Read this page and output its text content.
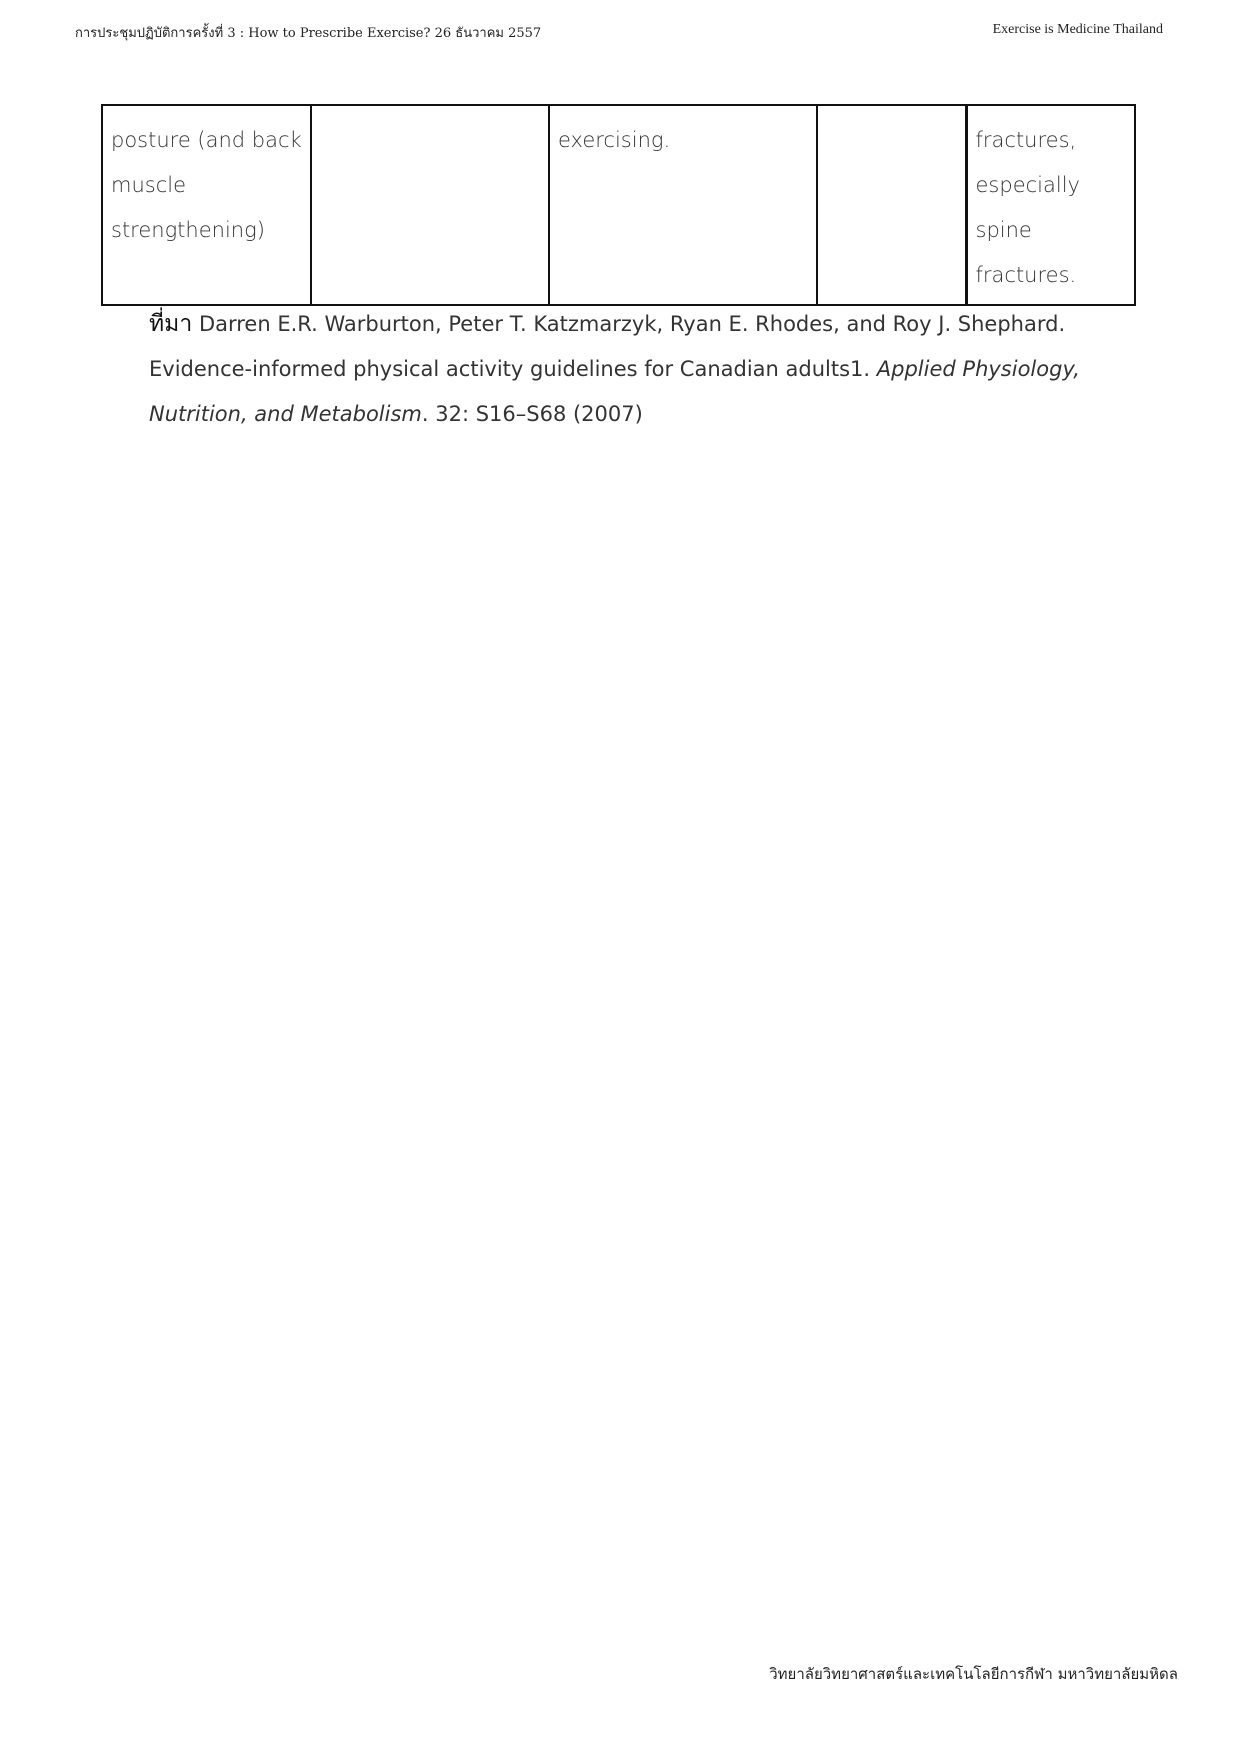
การประชุมปฏิบัติการครั้งที่ 3 : How to Prescribe Exercise? 26 ธันวาคม 2557	Exercise is Medicine Thailand
posture (and back muscle strengthening)		exercising.		fractures, especially spine fractures.
ที่มา Darren E.R. Warburton, Peter T. Katzmarzyk, Ryan E. Rhodes, and Roy J. Shephard. Evidence-informed physical activity guidelines for Canadian adults1. Applied Physiology, Nutrition, and Metabolism. 32: S16–S68 (2007)
วิทยาลัยวิทยาศาสตร์และเทคโนโลยีการกีฬา มหาวิทยาลัยมหิดล
